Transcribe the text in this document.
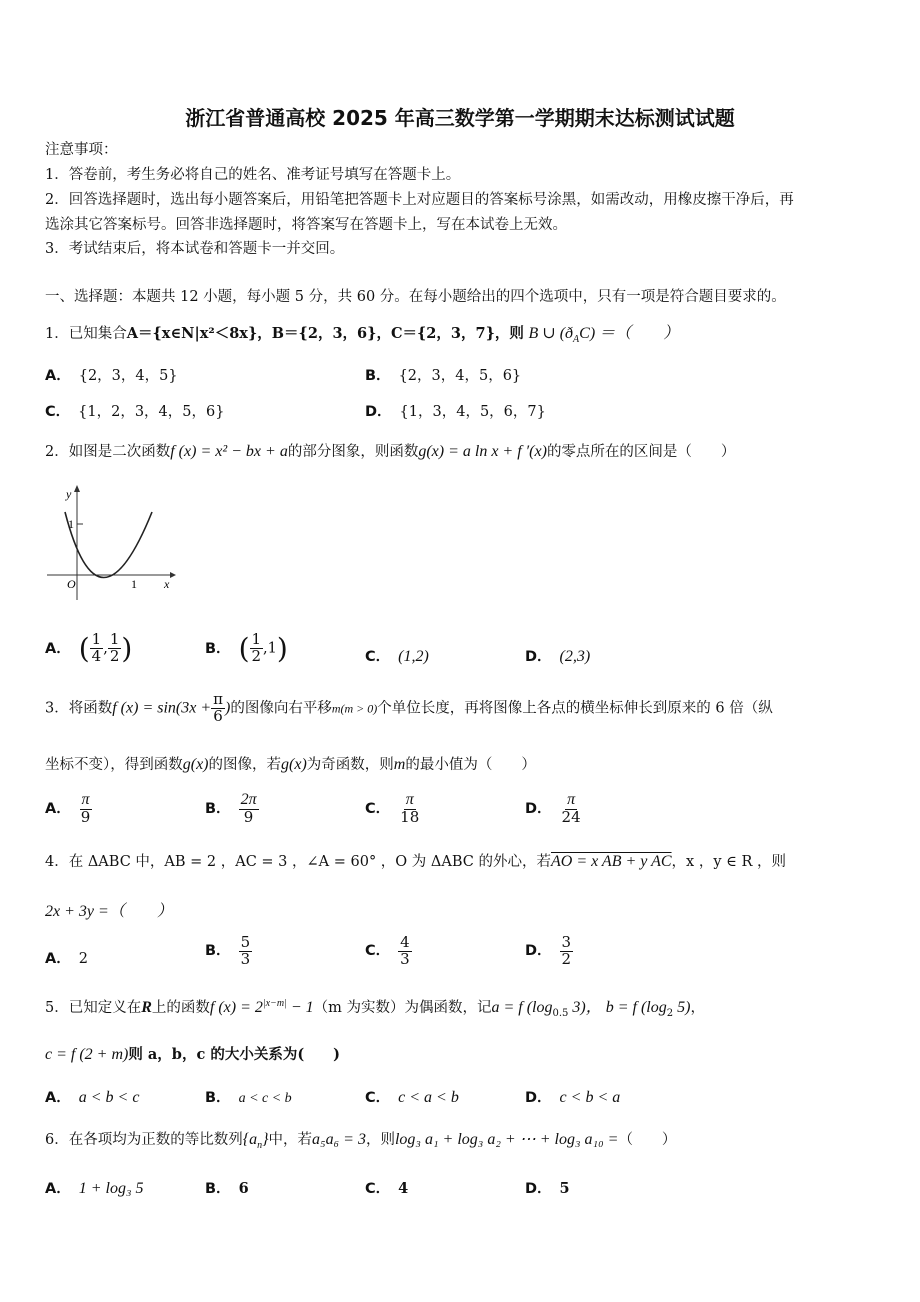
浙江省普通高校 2025 年高三数学第一学期期末达标测试试题
注意事项：
1．答卷前，考生务必将自己的姓名、准考证号填写在答题卡上。
2．回答选择题时，选出每小题答案后，用铅笔把答题卡上对应题目的答案标号涂黑，如需改动，用橡皮擦干净后，再
选涂其它答案标号。回答非选择题时，将答案写在答题卡上，写在本试卷上无效。
3．考试结束后，将本试卷和答题卡一并交回。
一、选择题：本题共 12 小题，每小题 5 分，共 60 分。在每小题给出的四个选项中，只有一项是符合题目要求的。
1．已知集合A＝{x∈N|x²＜8x}，B＝{2，3，6}，C＝{2，3，7}，则 B ∪ $(ð_AC)$ ＝（　　）
A． {2，3，4，5}	B． {2，3，4，5，6}
C． {1，2，3，4，5，6}	D． {1，3，4，5，6，7}
2．如图是二次函数f (x) = x² − bx + a的部分图象，则函数g(x) = a ln x + f ′(x)的零点所在的区间是（　　）
y
1
O	1 x
A． ( $\frac{1}{4}$ , $\frac{1}{2}$ )	B． ( $\frac{1}{2} ,1$)	C． (1,2)	D． (2,3)
3．将函数f $(x) = \sin(3x + \frac{\pi}{6}$ )的图像向右平移m(m > 0)个单位长度，再将图像上各点的横坐标伸长到原来的 6 倍（纵
坐标不变），得到函数g(x)的图像，若g(x)为奇函数，则m的最小值为（　　）
A． $\frac{\pi}{9}$	B． $\frac{2\pi}{9}$	C． $\frac{\pi}{18}$	D． $\frac{\pi}{24}$
4．在 ΔABC 中，AB = 2 ，AC = 3 ，∠A = 60° ，O 为 ΔABC 的外心，若AO = x AB + y AC，x ，y ∈ R ，则
2x + 3y =（　　）
A． 2	B． $\frac{5}{3}$	C． $\frac{4}{3}$	D． $\frac{3}{2}$
5．已知定义在R上的函数f $(x) = 2^{|x-m|} - 1(m$ 为实数）为偶函数，记a = f ($\log_{0.5}$ 3)， b = f ($\log_2$ 5)，
c = f (2 + m)则 a，b，c 的大小关系为(　　)
A． a < b < c	B． a < c < b	C． c < a < b	D． c < b < a
6．在各项均为正数的等比数列$\{a_n\}$中，若a₅a₆ = 3，则log₃ a₁ + log₃ a₂ + ⋯ + log₃ a₁₀ =（　　）
A． 1 + log₃ 5	B． 6	C． 4	D． 5
